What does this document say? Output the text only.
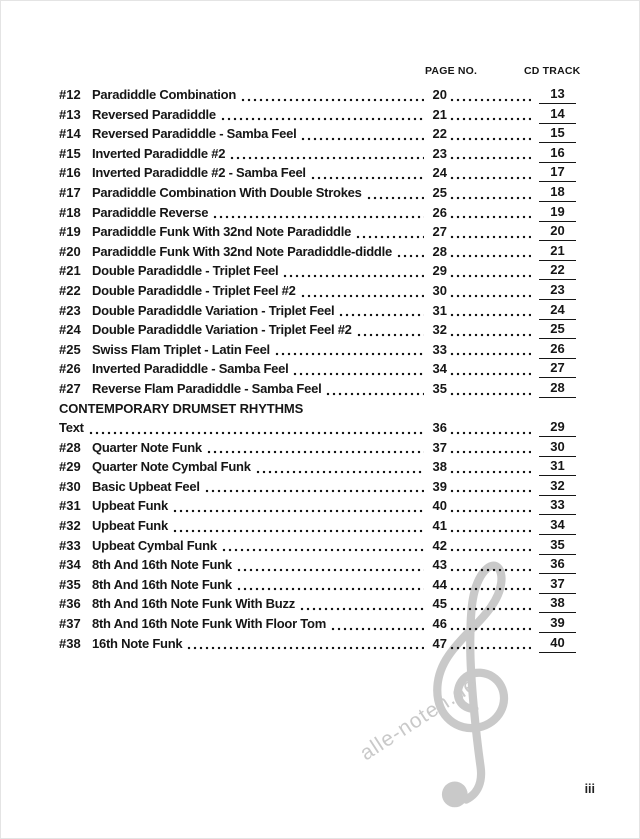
PAGE NO.	CD TRACK
#12 Paradiddle Combination	20	13
#13 Reversed Paradiddle	21	14
#14 Reversed Paradiddle - Samba Feel	22	15
#15 Inverted Paradiddle #2	23	16
#16 Inverted Paradiddle #2 - Samba Feel	24	17
#17 Paradiddle Combination With Double Strokes	25	18
#18 Paradiddle Reverse	26	19
#19 Paradiddle Funk With 32nd Note Paradiddle	27	20
#20 Paradiddle Funk With 32nd Note Paradiddle-diddle	28	21
#21 Double Paradiddle - Triplet Feel	29	22
#22 Double Paradiddle - Triplet Feel #2	30	23
#23 Double Paradiddle Variation - Triplet Feel	31	24
#24 Double Paradiddle Variation - Triplet Feel #2	32	25
#25 Swiss Flam Triplet - Latin Feel	33	26
#26 Inverted Paradiddle - Samba Feel	34	27
#27 Reverse Flam Paradiddle - Samba Feel	35	28
CONTEMPORARY DRUMSET RHYTHMS
Text	36	29
#28 Quarter Note Funk	37	30
#29 Quarter Note Cymbal Funk	38	31
#30 Basic Upbeat Feel	39	32
#31 Upbeat Funk	40	33
#32 Upbeat Funk	41	34
#33 Upbeat Cymbal Funk	42	35
#34 8th And 16th Note Funk	43	36
#35 8th And 16th Note Funk	44	37
#36 8th And 16th Note Funk With Buzz	45	38
#37 8th And 16th Note Funk With Floor Tom	46	39
#38 16th Note Funk	47	40
alle-noten.de
iii
